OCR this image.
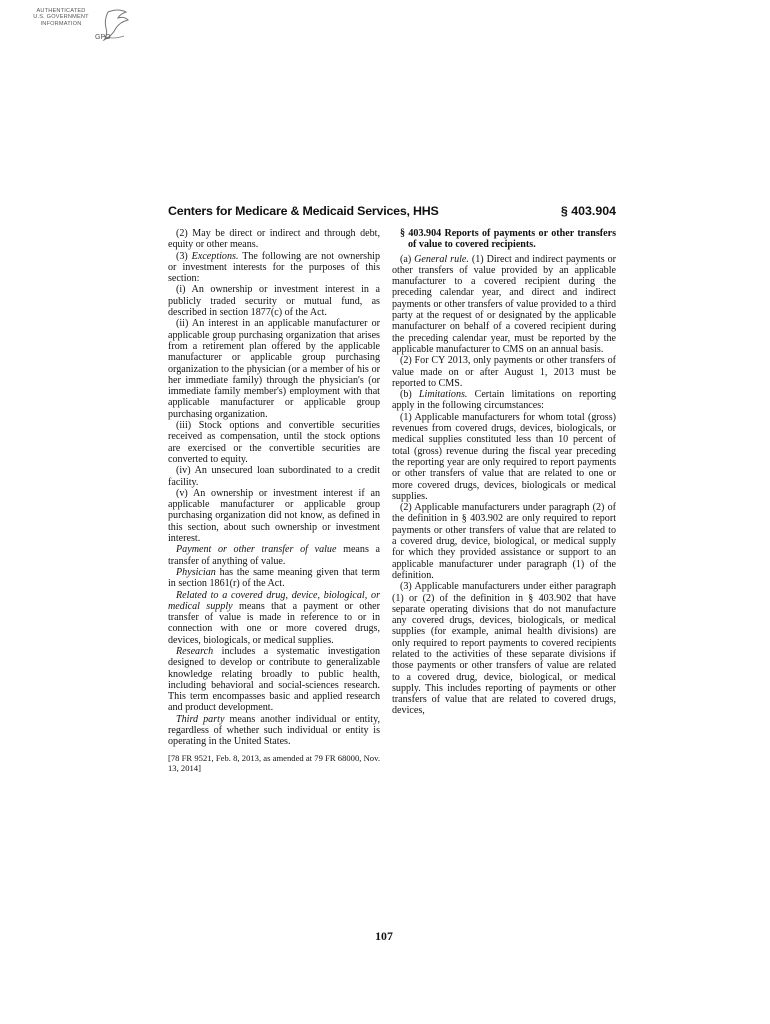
AUTHENTICATED
U.S. GOVERNMENT
INFORMATION
GPO
Centers for Medicare & Medicaid Services, HHS	§ 403.904

(2) May be direct or indirect and through debt, equity or other means.

(3) Exceptions. The following are not ownership or investment interests for the purposes of this section:

(i) An ownership or investment interest in a publicly traded security or mutual fund, as described in section 1877(c) of the Act.

(ii) An interest in an applicable manufacturer or applicable group purchasing organization that arises from a retirement plan offered by the applicable manufacturer or applicable group purchasing organization to the physician (or a member of his or her immediate family) through the physician's (or immediate family member's) employment with that applicable manufacturer or applicable group purchasing organization.

(iii) Stock options and convertible securities received as compensation, until the stock options are exercised or the convertible securities are converted to equity.

(iv) An unsecured loan subordinated to a credit facility.

(v) An ownership or investment interest if an applicable manufacturer or applicable group purchasing organization did not know, as defined in this section, about such ownership or investment interest.

Payment or other transfer of value means a transfer of anything of value.

Physician has the same meaning given that term in section 1861(r) of the Act.

Related to a covered drug, device, biological, or medical supply means that a payment or other transfer of value is made in reference to or in connection with one or more covered drugs, devices, biologicals, or medical supplies.

Research includes a systematic investigation designed to develop or contribute to generalizable knowledge relating broadly to public health, including behavioral and social-sciences research. This term encompasses basic and applied research and product development.

Third party means another individual or entity, regardless of whether such individual or entity is operating in the United States.

[78 FR 9521, Feb. 8, 2013, as amended at 79 FR 68000, Nov. 13, 2014]

§ 403.904 Reports of payments or other transfers of value to covered recipients.

(a) General rule. (1) Direct and indirect payments or other transfers of value provided by an applicable manufacturer to a covered recipient during the preceding calendar year, and direct and indirect payments or other transfers of value provided to a third party at the request of or designated by the applicable manufacturer on behalf of a covered recipient during the preceding calendar year, must be reported by the applicable manufacturer to CMS on an annual basis.

(2) For CY 2013, only payments or other transfers of value made on or after August 1, 2013 must be reported to CMS.

(b) Limitations. Certain limitations on reporting apply in the following circumstances:

(1) Applicable manufacturers for whom total (gross) revenues from covered drugs, devices, biologicals, or medical supplies constituted less than 10 percent of total (gross) revenue during the fiscal year preceding the reporting year are only required to report payments or other transfers of value that are related to one or more covered drugs, devices, biologicals or medical supplies.

(2) Applicable manufacturers under paragraph (2) of the definition in § 403.902 are only required to report payments or other transfers of value that are related to a covered drug, device, biological, or medical supply for which they provided assistance or support to an applicable manufacturer under paragraph (1) of the definition.

(3) Applicable manufacturers under either paragraph (1) or (2) of the definition in § 403.902 that have separate operating divisions that do not manufacture any covered drugs, devices, biologicals, or medical supplies (for example, animal health divisions) are only required to report payments to covered recipients related to the activities of these separate divisions if those payments or other transfers of value are related to a covered drug, device, biological, or medical supply. This includes reporting of payments or other transfers of value that are related to covered drugs, devices,

107
